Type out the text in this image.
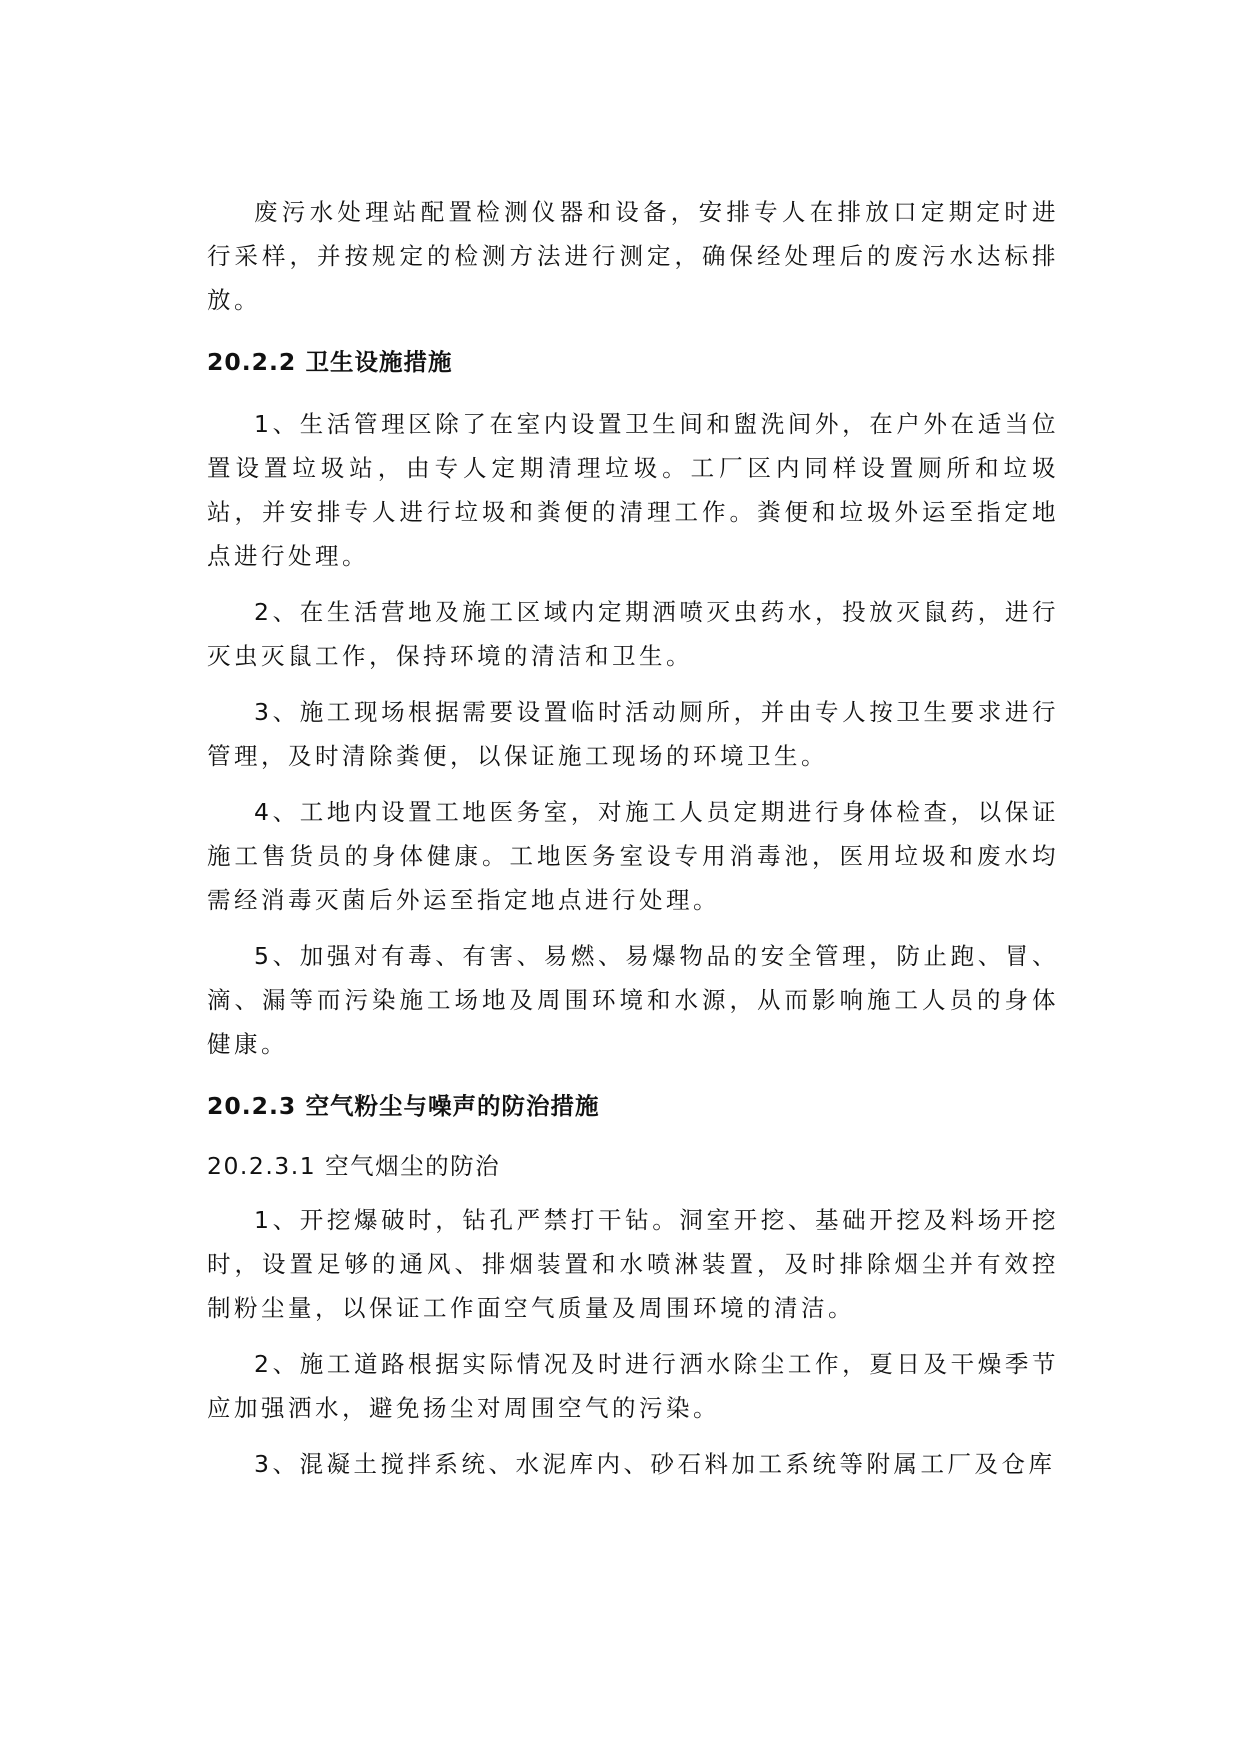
废污水处理站配置检测仪器和设备，安排专人在排放口定期定时进行采样，并按规定的检测方法进行测定，确保经处理后的废污水达标排放。

20.2.2 卫生设施措施

1、生活管理区除了在室内设置卫生间和盥洗间外，在户外在适当位置设置垃圾站，由专人定期清理垃圾。工厂区内同样设置厕所和垃圾站，并安排专人进行垃圾和粪便的清理工作。粪便和垃圾外运至指定地点进行处理。

2、在生活营地及施工区域内定期洒喷灭虫药水，投放灭鼠药，进行灭虫灭鼠工作，保持环境的清洁和卫生。

3、施工现场根据需要设置临时活动厕所，并由专人按卫生要求进行管理，及时清除粪便，以保证施工现场的环境卫生。

4、工地内设置工地医务室，对施工人员定期进行身体检查，以保证施工售货员的身体健康。工地医务室设专用消毒池，医用垃圾和废水均需经消毒灭菌后外运至指定地点进行处理。

5、加强对有毒、有害、易燃、易爆物品的安全管理，防止跑、冒、滴、漏等而污染施工场地及周围环境和水源，从而影响施工人员的身体健康。

20.2.3 空气粉尘与噪声的防治措施
20.2.3.1 空气烟尘的防治

1、开挖爆破时，钻孔严禁打干钻。洞室开挖、基础开挖及料场开挖时，设置足够的通风、排烟装置和水喷淋装置，及时排除烟尘并有效控制粉尘量，以保证工作面空气质量及周围环境的清洁。

2、施工道路根据实际情况及时进行洒水除尘工作，夏日及干燥季节应加强洒水，避免扬尘对周围空气的污染。

3、混凝土搅拌系统、水泥库内、砂石料加工系统等附属工厂及仓库
